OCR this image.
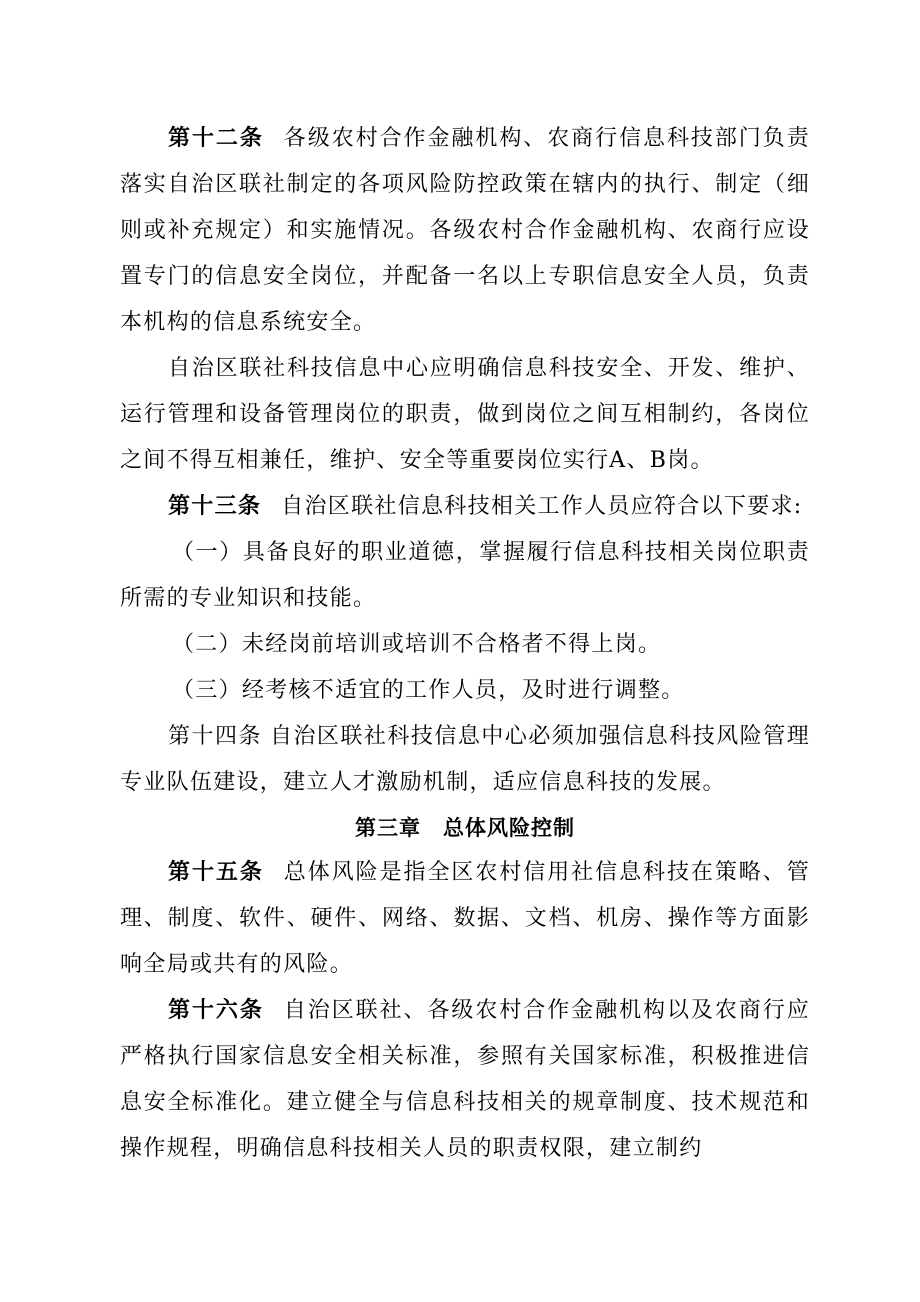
第十二条 各级农村合作金融机构、农商行信息科技部门负责落实自治区联社制定的各项风险防控政策在辖内的执行、制定（细则或补充规定）和实施情况。各级农村合作金融机构、农商行应设置专门的信息安全岗位，并配备一名以上专职信息安全人员，负责本机构的信息系统安全。

自治区联社科技信息中心应明确信息科技安全、开发、维护、运行管理和设备管理岗位的职责，做到岗位之间互相制约，各岗位之间不得互相兼任，维护、安全等重要岗位实行A、B岗。

第十三条 自治区联社信息科技相关工作人员应符合以下要求:

（一）具备良好的职业道德，掌握履行信息科技相关岗位职责所需的专业知识和技能。

（二）未经岗前培训或培训不合格者不得上岗。

（三）经考核不适宜的工作人员，及时进行调整。

第十四条 自治区联社科技信息中心必须加强信息科技风险管理专业队伍建设，建立人才激励机制，适应信息科技的发展。

第三章　总体风险控制

第十五条 总体风险是指全区农村信用社信息科技在策略、管理、制度、软件、硬件、网络、数据、文档、机房、操作等方面影响全局或共有的风险。

第十六条 自治区联社、各级农村合作金融机构以及农商行应严格执行国家信息安全相关标准，参照有关国家标准，积极推进信息安全标准化。建立健全与信息科技相关的规章制度、技术规范和操作规程，明确信息科技相关人员的职责权限，建立制约
